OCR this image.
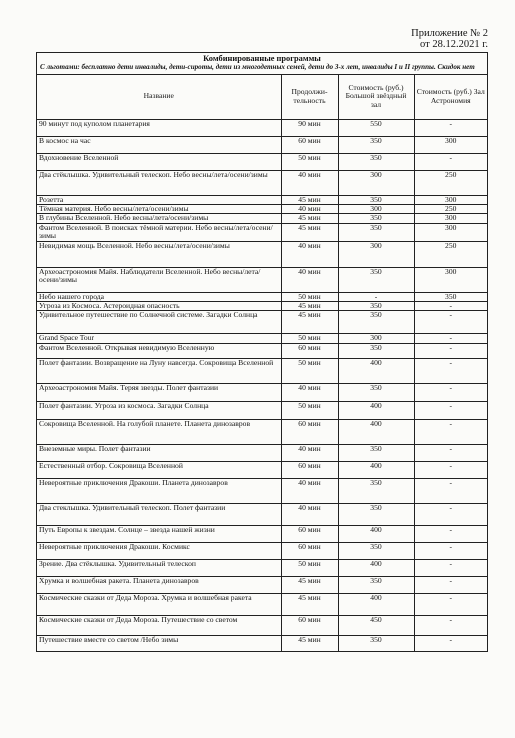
Приложение № 2
от 28.12.2021 г.
Комбинированные программы
С льготами: бесплатно дети инвалиды, дети-сироты, дети из многодетных семей, дети до 3-х лет, инвалиды I и II группы. Скидок нет
Название	Продолжи-тельность	Стоимость (руб.) Большой звёздный зал	Стоимость (руб.) Зал Астрономия
90 минут под куполом планетария	90 мин	550	-
В космос на час	60 мин	350	300
Вдохновение Вселенной	50 мин	350	-
Два стёклышка. Удивительный телескоп. Небо весны/лета/осени/зимы	40 мин	300	250
Розетта	45 мин	350	300
Тёмная материя. Небо весны/лета/осени/зимы	40 мин	300	250
В глубины Вселенной. Небо весны/лета/осени/зимы	45 мин	350	300
Фантом Вселенной. В поисках тёмной материи. Небо весны/лета/осени/зимы	45 мин	350	300
Невидимая мощь Вселенной. Небо весны/лета/осени/зимы	40 мин	300	250
Археоастрономия Майя. Наблюдатели Вселенной. Небо весны/лета/осени/зимы	40 мин	350	300
Небо нашего города	50 мин	-	350
Угроза из Космоса. Астероидная опасность	45 мин	350	-
Удивительное путешествие по Солнечной системе. Загадки Солнца	45 мин	350	-
Grand Space Tour	50 мин	300	-
Фантом Вселенной. Открывая невидимую Вселенную	60 мин	350	-
Полет фантазии. Возвращение на Луну навсегда. Сокровища Вселенной	50 мин	400	-
Археоастрономия Майя. Теряя звезды. Полет фантазии	40 мин	350	-
Полет фантазии. Угроза из космоса. Загадки Солнца	50 мин	400	-
Сокровища Вселенной. На голубой планете. Планета динозавров	60 мин	400	-
Внеземные миры. Полет фантазии	40 мин	350	-
Естественный отбор. Сокровища Вселенной	60 мин	400	-
Невероятные приключения Дракоши. Планета динозавров	40 мин	350	-
Два стеклышка. Удивительный телескоп. Полет фантазии	40 мин	350	-
Путь Европы к звездам. Солнце – звезда нашей жизни	60 мин	400	-
Невероятные приключения Дракоши. Космикс	60 мин	350	-
Зрение. Два стёклышка. Удивительный телескоп	50 мин	400	-
Хрумка и волшебная ракета. Планета динозавров	45 мин	350	-
Космические сказки от Деда Мороза. Хрумка и волшебная ракета	45 мин	400	-
Космические сказки от Деда Мороза. Путешествие со светом	60 мин	450	-
Путешествие вместе со светом /Небо зимы	45 мин	350	-
